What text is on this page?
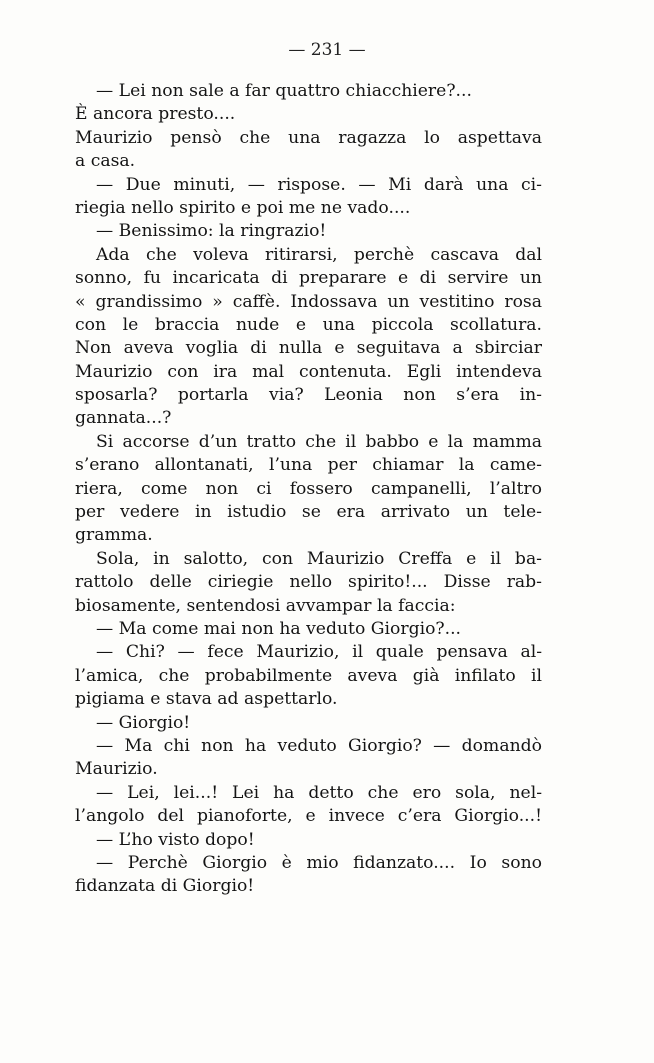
— 231 —
— Lei non sale a far quattro chiacchiere?...
È ancora presto....
Maurizio pensò che una ragazza lo aspettava
a casa.
— Due minuti, — rispose. — Mi darà una ci-
riegia nello spirito e poi me ne vado....
— Benissimo: la ringrazio!
Ada che voleva ritirarsi, perchè cascava dal
sonno, fu incaricata di preparare e di servire un
« grandissimo » caffè. Indossava un vestitino rosa
con le braccia nude e una piccola scollatura.
Non aveva voglia di nulla e seguitava a sbirciar
Maurizio con ira mal contenuta. Egli intendeva
sposarla? portarla via? Leonia non s’era in-
gannata...?
Si accorse d’un tratto che il babbo e la mamma
s’erano allontanati, l’una per chiamar la came-
riera, come non ci fossero campanelli, l’altro
per vedere in istudio se era arrivato un tele-
gramma.
Sola, in salotto, con Maurizio Creffa e il ba-
rattolo delle ciriegie nello spirito!... Disse rab-
biosamente, sentendosi avvampar la faccia:
— Ma come mai non ha veduto Giorgio?...
— Chi? — fece Maurizio, il quale pensava al-
l’amica, che probabilmente aveva già infilato il
pigiama e stava ad aspettarlo.
— Giorgio!
— Ma chi non ha veduto Giorgio? — domandò
Maurizio.
— Lei, lei...! Lei ha detto che ero sola, nel-
l’angolo del pianoforte, e invece c’era Giorgio...!
— L’ho visto dopo!
— Perchè Giorgio è mio fidanzato.... Io sono
fidanzata di Giorgio!
